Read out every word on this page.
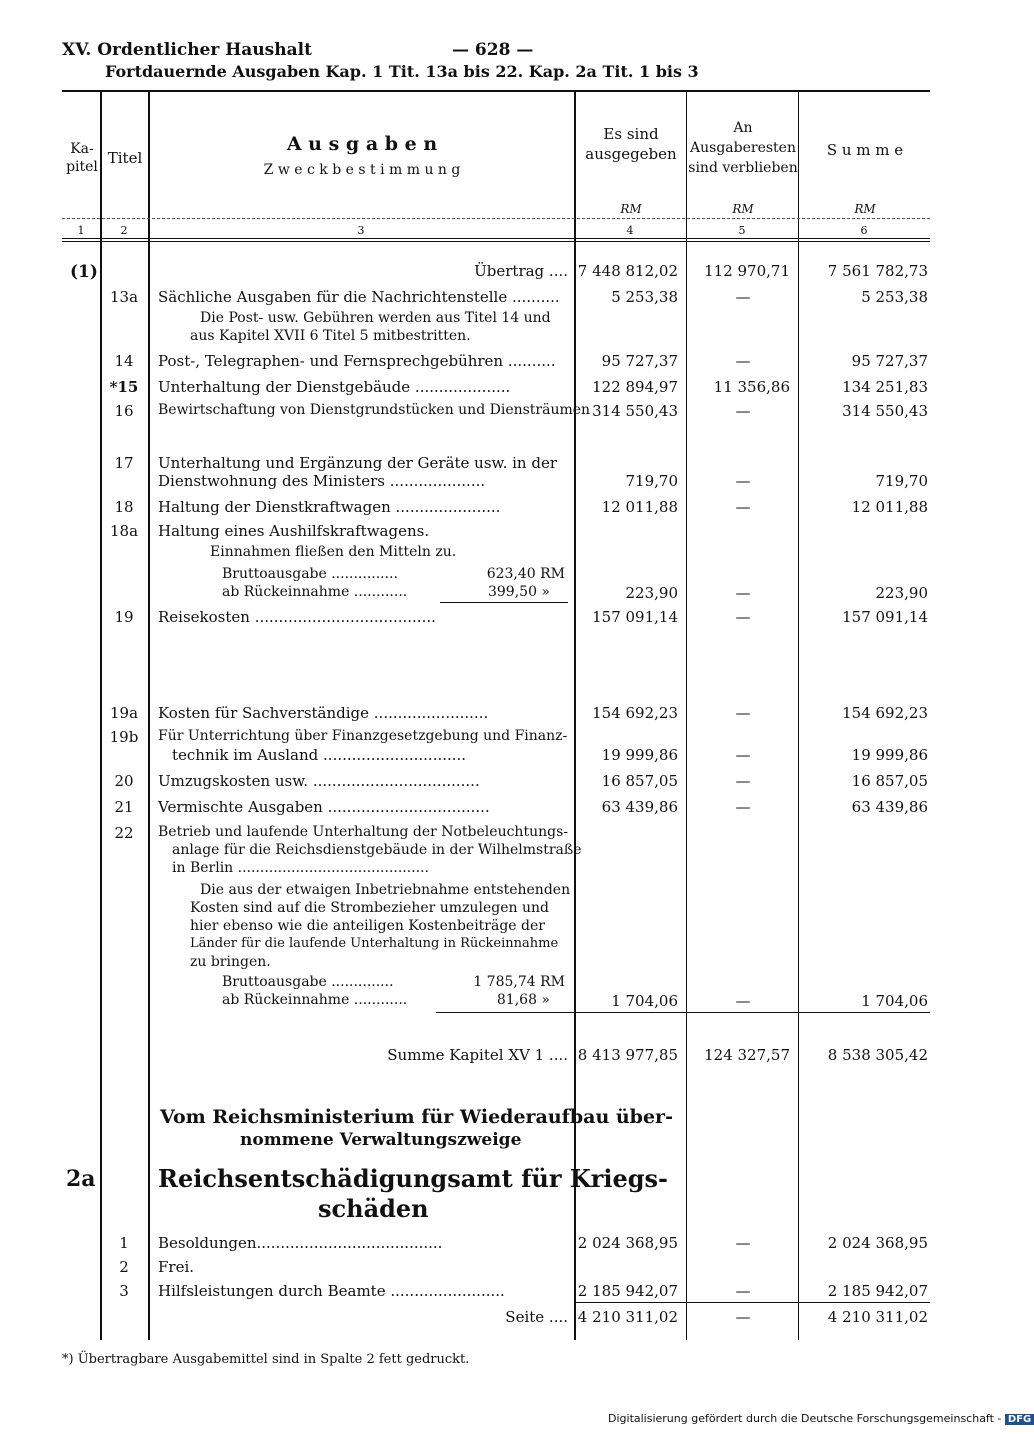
XV. Ordentlicher Haushalt	— 628 —
Fortdauernde Ausgaben Kap. 1 Tit. 13a bis 22. Kap. 2a Tit. 1 bis 3
Ka-
pitel Titel
A u s g a b e n
Z w e c k b e s t i m m u n g
Es sind
ausgegeben
An
Ausgaberesten
sind verblieben
S u m m e
RM	RM	RM
1	2	3	4	5	6
(1)	Übertrag .... 7 448 812,02	112 970,71	7 561 782,73
13a	Sächliche Ausgaben für die Nachrichtenstelle ..........	5 253,38	—	5 253,38
Die Post- usw. Gebühren werden aus Titel 14 und
aus Kapitel XVII 6 Titel 5 mitbestritten.
14	Post-, Telegraphen- und Fernsprechgebühren ..........	95 727,37	—	95 727,37
*15	Unterhaltung der Dienstgebäude ....................	122 894,97	11 356,86	134 251,83
16	Bewirtschaftung von Dienstgrundstücken und Diensträumen 314 550,43	—	314 550,43
17	Unterhaltung und Ergänzung der Geräte usw. in der
Dienstwohnung des Ministers ....................	719,70	—	719,70
18	Haltung der Dienstkraftwagen ......................	12 011,88	—	12 011,88
18a	Haltung eines Aushilfskraftwagens.
Einnahmen fließen den Mitteln zu.
Bruttoausgabe ...............	623,40 RM
ab Rückeinnahme ............	399,50 »	223,90	—	223,90
19	Reisekosten ......................................	157 091,14	—	157 091,14
19a	Kosten für Sachverständige ........................	154 692,23	—	154 692,23
19b	Für Unterrichtung über Finanzgesetzgebung und Finanz-
technik im Ausland ..............................	19 999,86	—	19 999,86
20	Umzugskosten usw. ...................................	16 857,05	—	16 857,05
21	Vermischte Ausgaben ..................................	63 439,86	—	63 439,86
22	Betrieb und laufende Unterhaltung der Notbeleuchtungs-
anlage für die Reichsdienstgebäude in der Wilhelmstraße
in Berlin ...........................................
Die aus der etwaigen Inbetriebnahme entstehenden
Kosten sind auf die Strombezieher umzulegen und
hier ebenso wie die anteiligen Kostenbeiträge der
Länder für die laufende Unterhaltung in Rückeinnahme
zu bringen.
Bruttoausgabe ..............	1 785,74 RM
ab Rückeinnahme ............	81,68 »	1 704,06	—	1 704,06
Summe Kapitel XV 1 .... 8 413 977,85	124 327,57	8 538 305,42
Vom Reichsministerium für Wiederaufbau über-
nommene Verwaltungszweige
2a	Reichsentschädigungsamt für Kriegs-
schäden
1	Besoldungen.......................................	2 024 368,95	—	2 024 368,95
2	Frei.
3	Hilfsleistungen durch Beamte ........................	2 185 942,07	—	2 185 942,07
Seite .... 4 210 311,02	—	4 210 311,02
*) Übertragbare Ausgabemittel sind in Spalte 2 fett gedruckt.
Digitalisierung gefördert durch die Deutsche Forschungsgemeinschaft - DFG
